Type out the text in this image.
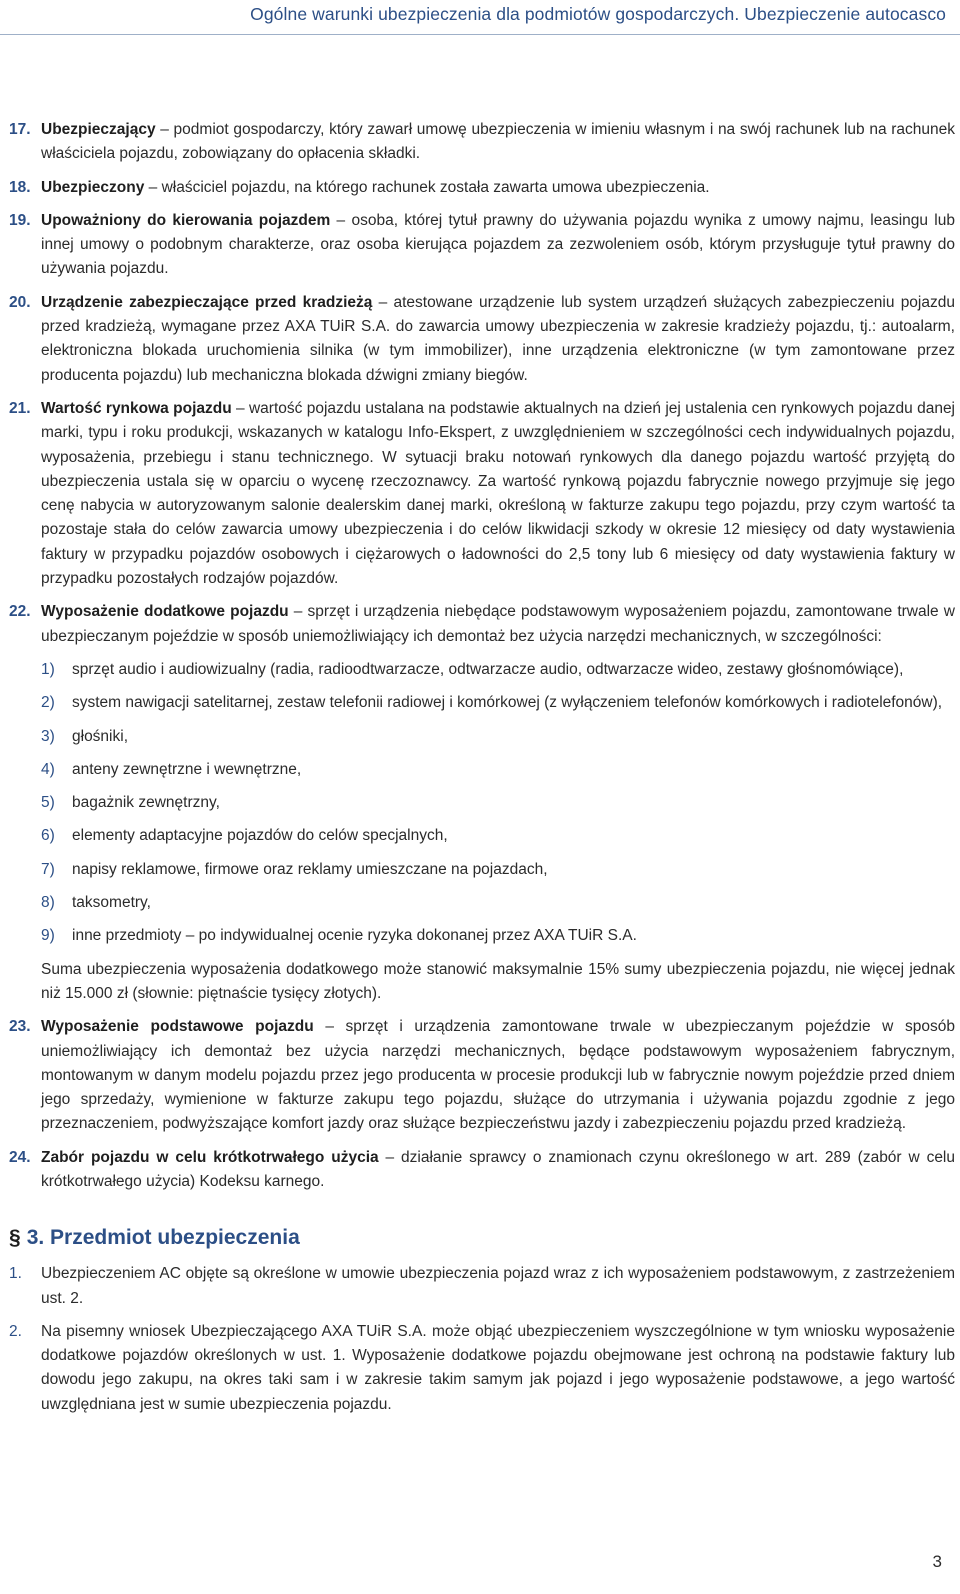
Ogólne warunki ubezpieczenia dla podmiotów gospodarczych. Ubezpieczenie autocasco
17. Ubezpieczający – podmiot gospodarczy, który zawarł umowę ubezpieczenia w imieniu własnym i na swój rachunek lub na rachunek właściciela pojazdu, zobowiązany do opłacenia składki.
18. Ubezpieczony – właściciel pojazdu, na którego rachunek została zawarta umowa ubezpieczenia.
19. Upoważniony do kierowania pojazdem – osoba, której tytuł prawny do używania pojazdu wynika z umowy najmu, leasingu lub innej umowy o podobnym charakterze, oraz osoba kierująca pojazdem za zezwoleniem osób, którym przysługuje tytuł prawny do używania pojazdu.
20. Urządzenie zabezpieczające przed kradzieżą – atestowane urządzenie lub system urządzeń służących zabezpieczeniu pojazdu przed kradzieżą, wymagane przez AXA TUiR S.A. do zawarcia umowy ubezpieczenia w zakresie kradzieży pojazdu, tj.: autoalarm, elektroniczna blokada uruchomienia silnika (w tym immobilizer), inne urządzenia elektroniczne (w tym zamontowane przez producenta pojazdu) lub mechaniczna blokada dźwigni zmiany biegów.
21. Wartość rynkowa pojazdu – wartość pojazdu ustalana na podstawie aktualnych na dzień jej ustalenia cen rynkowych pojazdu danej marki, typu i roku produkcji, wskazanych w katalogu Info-Ekspert, z uwzględnieniem w szczególności cech indywidualnych pojazdu, wyposażenia, przebiegu i stanu technicznego. W sytuacji braku notowań rynkowych dla danego pojazdu wartość przyjętą do ubezpieczenia ustala się w oparciu o wycenę rzeczoznawcy. Za wartość rynkową pojazdu fabrycznie nowego przyjmuje się jego cenę nabycia w autoryzowanym salonie dealerskim danej marki, określoną w fakturze zakupu tego pojazdu, przy czym wartość ta pozostaje stała do celów zawarcia umowy ubezpieczenia i do celów likwidacji szkody w okresie 12 miesięcy od daty wystawienia faktury w przypadku pojazdów osobowych i ciężarowych o ładowności do 2,5 tony lub 6 miesięcy od daty wystawienia faktury w przypadku pozostałych rodzajów pojazdów.
22. Wyposażenie dodatkowe pojazdu – sprzęt i urządzenia niebędące podstawowym wyposażeniem pojazdu, zamontowane trwale w ubezpieczanym pojeździe w sposób uniemożliwiający ich demontaż bez użycia narzędzi mechanicznych, w szczególności:
1) sprzęt audio i audiowizualny (radia, radioodtwarzacze, odtwarzacze audio, odtwarzacze wideo, zestawy głośnomówiące),
2) system nawigacji satelitarnej, zestaw telefonii radiowej i komórkowej (z wyłączeniem telefonów komórkowych i radiotelefonów),
3) głośniki,
4) anteny zewnętrzne i wewnętrzne,
5) bagażnik zewnętrzny,
6) elementy adaptacyjne pojazdów do celów specjalnych,
7) napisy reklamowe, firmowe oraz reklamy umieszczane na pojazdach,
8) taksometry,
9) inne przedmioty – po indywidualnej ocenie ryzyka dokonanej przez AXA TUiR S.A.
Suma ubezpieczenia wyposażenia dodatkowego może stanowić maksymalnie 15% sumy ubezpieczenia pojazdu, nie więcej jednak niż 15.000 zł (słownie: piętnaście tysięcy złotych).
23. Wyposażenie podstawowe pojazdu – sprzęt i urządzenia zamontowane trwale w ubezpieczanym pojeździe w sposób uniemożliwiający ich demontaż bez użycia narzędzi mechanicznych, będące podstawowym wyposażeniem fabrycznym, montowanym w danym modelu pojazdu przez jego producenta w procesie produkcji lub w fabrycznie nowym pojeździe przed dniem jego sprzedaży, wymienione w fakturze zakupu tego pojazdu, służące do utrzymania i używania pojazdu zgodnie z jego przeznaczeniem, podwyższające komfort jazdy oraz służące bezpieczeństwu jazdy i zabezpieczeniu pojazdu przed kradzieżą.
24. Zabór pojazdu w celu krótkotrwałego użycia – działanie sprawcy o znamionach czynu określonego w art. 289 (zabór w celu krótkotrwałego użycia) Kodeksu karnego.
§ 3. Przedmiot ubezpieczenia
1. Ubezpieczeniem AC objęte są określone w umowie ubezpieczenia pojazd wraz z ich wyposażeniem podstawowym, z zastrzeżeniem ust. 2.
2. Na pisemny wniosek Ubezpieczającego AXA TUiR S.A. może objąć ubezpieczeniem wyszczególnione w tym wniosku wyposażenie dodatkowe pojazdów określonych w ust. 1. Wyposażenie dodatkowe pojazdu obejmowane jest ochroną na podstawie faktury lub dowodu jego zakupu, na okres taki sam i w zakresie takim samym jak pojazd i jego wyposażenie podstawowe, a jego wartość uwzględniana jest w sumie ubezpieczenia pojazdu.
3
